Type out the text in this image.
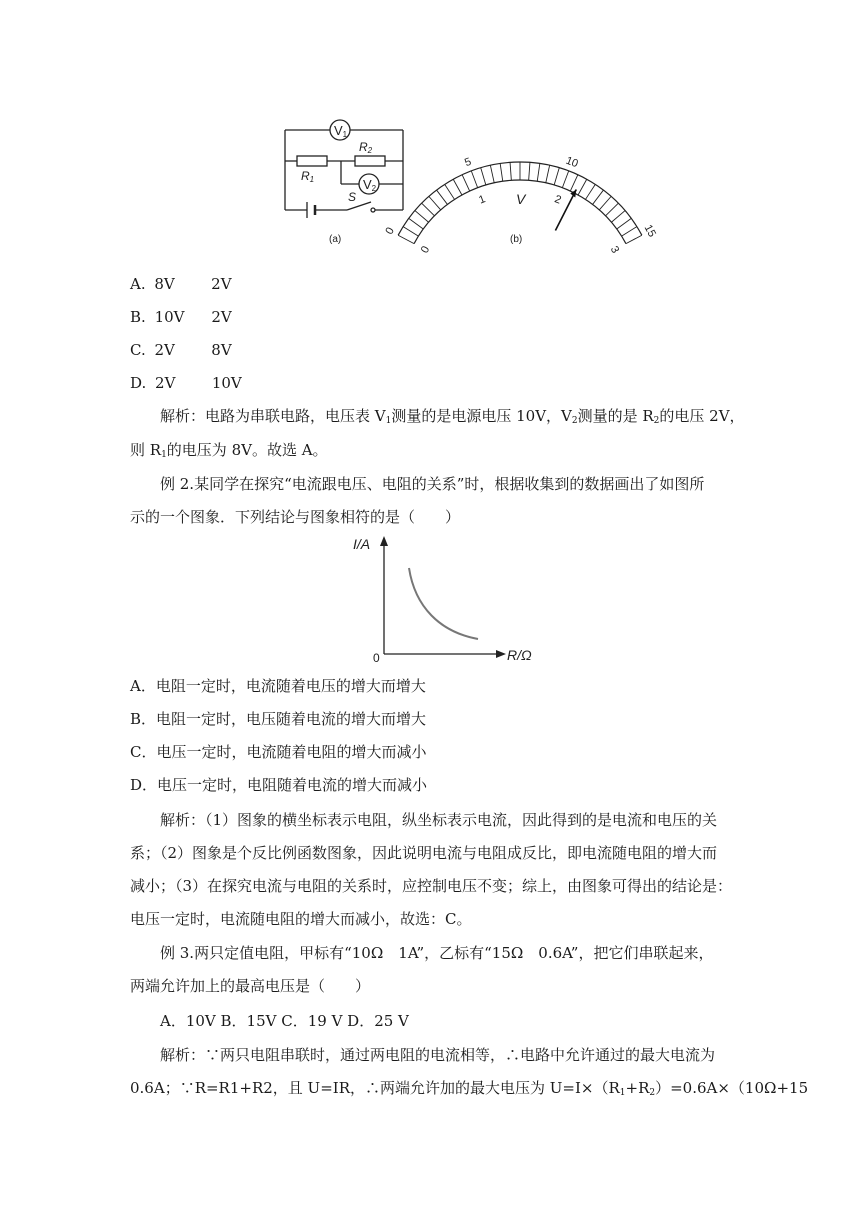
V1
R1
R2
V2
S
(a)
0
0
5
1
10
2
15
3
V
(b)
A. 8V 2V
B. 10V 2V
C. 2V 8V
D. 2V 10V
解析：电路为串联电路，电压表 $V_1$测量的是电源电压 10V，$V_2$测量的是 $R_2$的电压 2V，
则 $R_1$的电压为 8V。故选 A。
例 2.某同学在探究“电流跟电压、电阻的关系”时，根据收集到的数据画出了如图所
示的一个图象．下列结论与图象相符的是（　　）
I/A
R/Ω
0
A．电阻一定时，电流随着电压的增大而增大
B．电阻一定时，电压随着电流的增大而增大
C．电压一定时，电流随着电阻的增大而减小
D．电压一定时，电阻随着电流的增大而减小
解析：（1）图象的横坐标表示电阻，纵坐标表示电流，因此得到的是电流和电压的关
系；（2）图象是个反比例函数图象，因此说明电流与电阻成反比，即电流随电阻的增大而
减小；（3）在探究电流与电阻的关系时，应控制电压不变；综上，由图象可得出的结论是：
电压一定时，电流随电阻的增大而减小，故选：C。
例 3.两只定值电阻，甲标有“10Ω　1A”，乙标有“15Ω　0.6A”，把它们串联起来，
两端允许加上的最高电压是（　　）
A．10V B．15V C．19 V D．25 V
解析：∵两只电阻串联时，通过两电阻的电流相等，∴电路中允许通过的最大电流为
0.6A；∵R=R1+R2，且 U=IR，∴两端允许加的最大电压为 $U=I\times(R_1+R_2)=0.6A\times(10\Omega+15$
